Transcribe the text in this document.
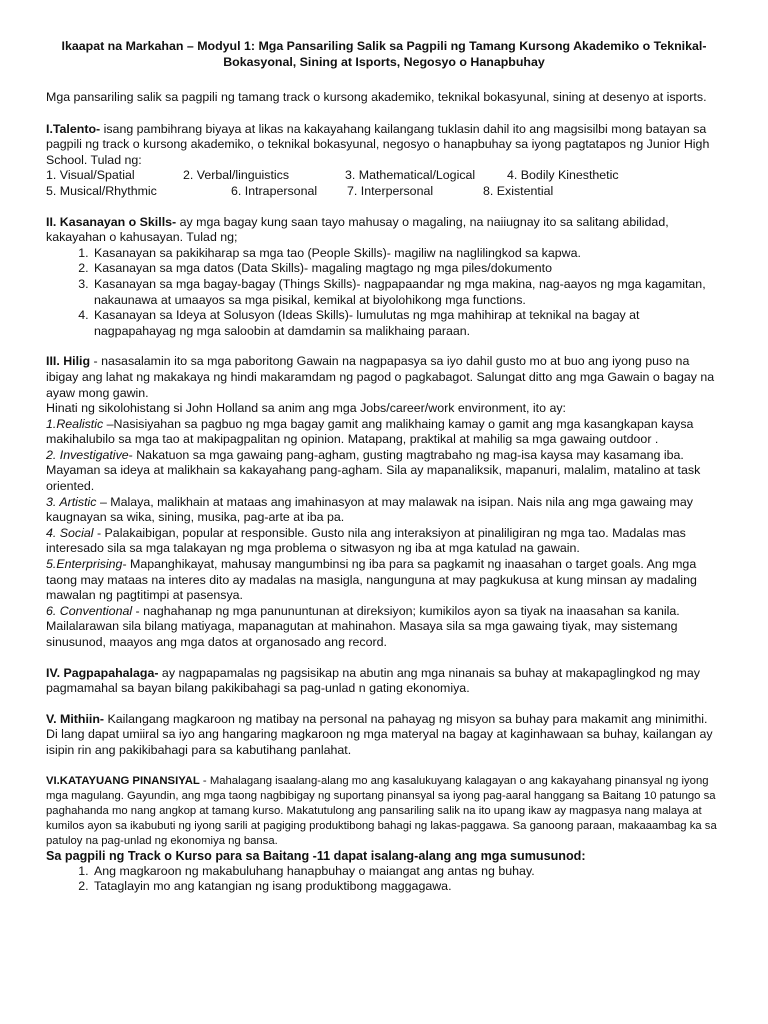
Ikaapat na Markahan – Modyul 1: Mga Pansariling Salik sa Pagpili ng Tamang Kursong Akademiko o Teknikal-Bokasyonal, Sining at Isports, Negosyo o Hanapbuhay

Mga pansariling salik sa pagpili ng tamang track o kursong akademiko, teknikal bokasyunal, sining at desenyo at isports.

I.Talento- isang pambihrang biyaya at likas na kakayahang kailangang tuklasin dahil ito ang magsisilbi mong batayan sa pagpili ng track o kursong akademiko, o teknikal bokasyunal, negosyo o hanapbuhay sa iyong pagtatapos ng Junior High School. Tulad ng:

1. Visual/Spatial	2. Verbal/linguistics	3. Mathematical/Logical	4. Bodily Kinesthetic
5. Musical/Rhythmic	6. Intrapersonal	7. Interpersonal	8. Existential

II. Kasanayan o Skills- ay mga bagay kung saan tayo mahusay o magaling, na naiiugnay ito sa salitang abilidad, kakayahan o kahusayan. Tulad ng;

1. Kasanayan sa pakikiharap sa mga tao (People Skills)- magiliw na naglilingkod sa kapwa.
2. Kasanayan sa mga datos (Data Skills)- magaling magtago ng mga piles/dokumento
3. Kasanayan sa mga bagay-bagay (Things Skills)- nagpapaandar ng mga makina, nag-aayos ng mga kagamitan, nakaunawa at umaayos sa mga pisikal, kemikal at biyolohikong mga functions.
4. Kasanayan sa Ideya at Solusyon (Ideas Skills)- lumulutas ng mga mahihirap at teknikal na bagay at nagpapahayag ng mga saloobin at damdamin sa malikhaing paraan.

III. Hilig - nasasalamin ito sa mga paboritong Gawain na nagpapasya sa iyo dahil gusto mo at buo ang iyong puso na ibigay ang lahat ng makakaya ng hindi makaramdam ng pagod o pagkabagot. Salungat ditto ang mga Gawain o bagay na ayaw mong gawin.

Hinati ng sikolohistang si John Holland sa anim ang mga Jobs/career/work environment, ito ay:

1.Realistic –Nasisiyahan sa pagbuo ng mga bagay gamit ang malikhaing kamay o gamit ang mga kasangkapan kaysa makihalubilo sa mga tao at makipagpalitan ng opinion. Matapang, praktikal at mahilig sa mga gawaing outdoor .

2. Investigative- Nakatuon sa mga gawaing pang-agham, gusting magtrabaho ng mag-isa kaysa may kasamang iba. Mayaman sa ideya at malikhain sa kakayahang pang-agham. Sila ay mapanaliksik, mapanuri, malalim, matalino at task oriented.

3. Artistic – Malaya, malikhain at mataas ang imahinasyon at may malawak na isipan. Nais nila ang mga gawaing may kaugnayan sa wika, sining, musika, pag-arte at iba pa.

4. Social - Palakaibigan, popular at responsible. Gusto nila ang interaksiyon at pinaliligiran ng mga tao. Madalas mas interesado sila sa mga talakayan ng mga problema o sitwasyon ng iba at mga katulad na gawain.

5.Enterprising- Mapanghikayat, mahusay mangumbinsi ng iba para sa pagkamit ng inaasahan o target goals. Ang mga taong may mataas na interes dito ay madalas na masigla, nangunguna at may pagkukusa at kung minsan ay madaling mawalan ng pagtitimpi at pasensya.

6. Conventional - naghahanap ng mga panununtunan at direksiyon; kumikilos ayon sa tiyak na inaasahan sa kanila. Mailalarawan sila bilang matiyaga, mapanagutan at mahinahon. Masaya sila sa mga gawaing tiyak, may sistemang sinusunod, maayos ang mga datos at organosado ang record.

IV. Pagpapahalaga- ay nagpapamalas ng pagsisikap na abutin ang mga ninanais sa buhay at makapaglingkod ng may pagmamahal sa bayan bilang pakikibahagi sa pag-unlad n gating ekonomiya.

V. Mithiin- Kailangang magkaroon ng matibay na personal na pahayag ng misyon sa buhay para makamit ang minimithi. Di lang dapat umiiral sa iyo ang hangaring magkaroon ng mga materyal na bagay at kaginhawaan sa buhay, kailangan ay isipin rin ang pakikibahagi para sa kabutihang panlahat.

VI.KATAYUANG PINANSIYAL - Mahalagang isaalang-alang mo ang kasalukuyang kalagayan o ang kakayahang pinansyal ng iyong mga magulang. Gayundin, ang mga taong nagbibigay ng suportang pinansyal sa iyong pag-aaral hanggang sa Baitang 10 patungo sa paghahanda mo nang angkop at tamang kurso. Makatutulong ang pansariling salik na ito upang ikaw ay magpasya nang malaya at kumilos ayon sa ikabubuti ng iyong sarili at pagiging produktibong bahagi ng lakas-paggawa. Sa ganoong paraan, makaaambag ka sa patuloy na pag-unlad ng ekonomiya ng bansa.

Sa pagpili ng Track o Kurso para sa Baitang -11 dapat isalang-alang ang mga sumusunod:

1. Ang magkaroon ng makabuluhang hanapbuhay o maiangat ang antas ng buhay.
2. Tataglayin mo ang katangian ng isang produktibong maggagawa.
